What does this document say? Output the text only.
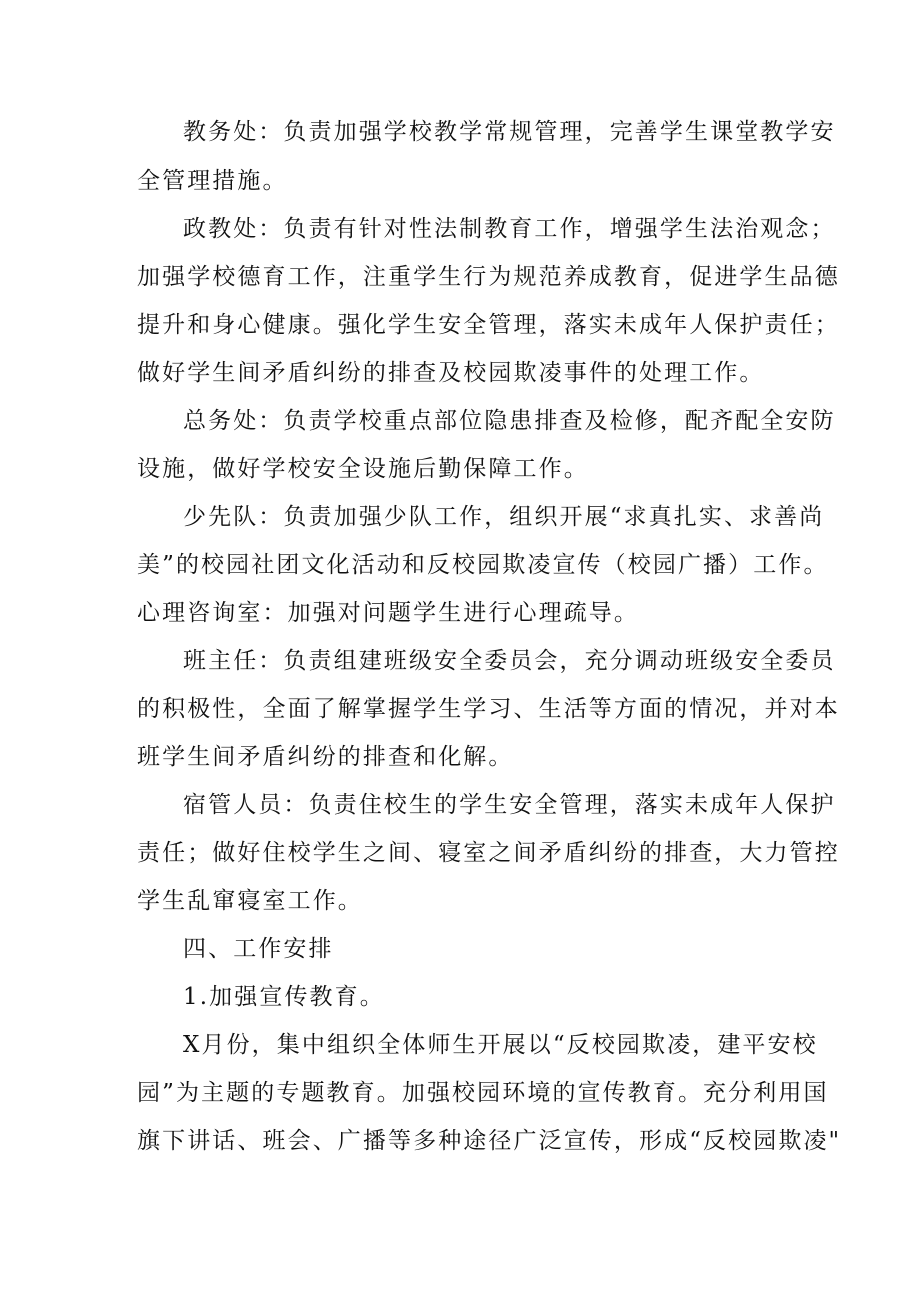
教务处：负责加强学校教学常规管理，完善学生课堂教学安
全管理措施。
政教处：负责有针对性法制教育工作，增强学生法治观念；
加强学校德育工作，注重学生行为规范养成教育，促进学生品德
提升和身心健康。强化学生安全管理，落实未成年人保护责任；
做好学生间矛盾纠纷的排查及校园欺凌事件的处理工作。
总务处：负责学校重点部位隐患排查及检修，配齐配全安防
设施，做好学校安全设施后勤保障工作。
少先队：负责加强少队工作，组织开展“求真扎实、求善尚
美”的校园社团文化活动和反校园欺凌宣传（校园广播）工作。
心理咨询室：加强对问题学生进行心理疏导。
班主任：负责组建班级安全委员会，充分调动班级安全委员
的积极性，全面了解掌握学生学习、生活等方面的情况，并对本
班学生间矛盾纠纷的排查和化解。
宿管人员：负责住校生的学生安全管理，落实未成年人保护
责任；做好住校学生之间、寝室之间矛盾纠纷的排查，大力管控
学生乱窜寝室工作。
四、工作安排
1.加强宣传教育。
X月份，集中组织全体师生开展以“反校园欺凌，建平安校
园”为主题的专题教育。加强校园环境的宣传教育。充分利用国
旗下讲话、班会、广播等多种途径广泛宣传，形成“反校园欺凌"
